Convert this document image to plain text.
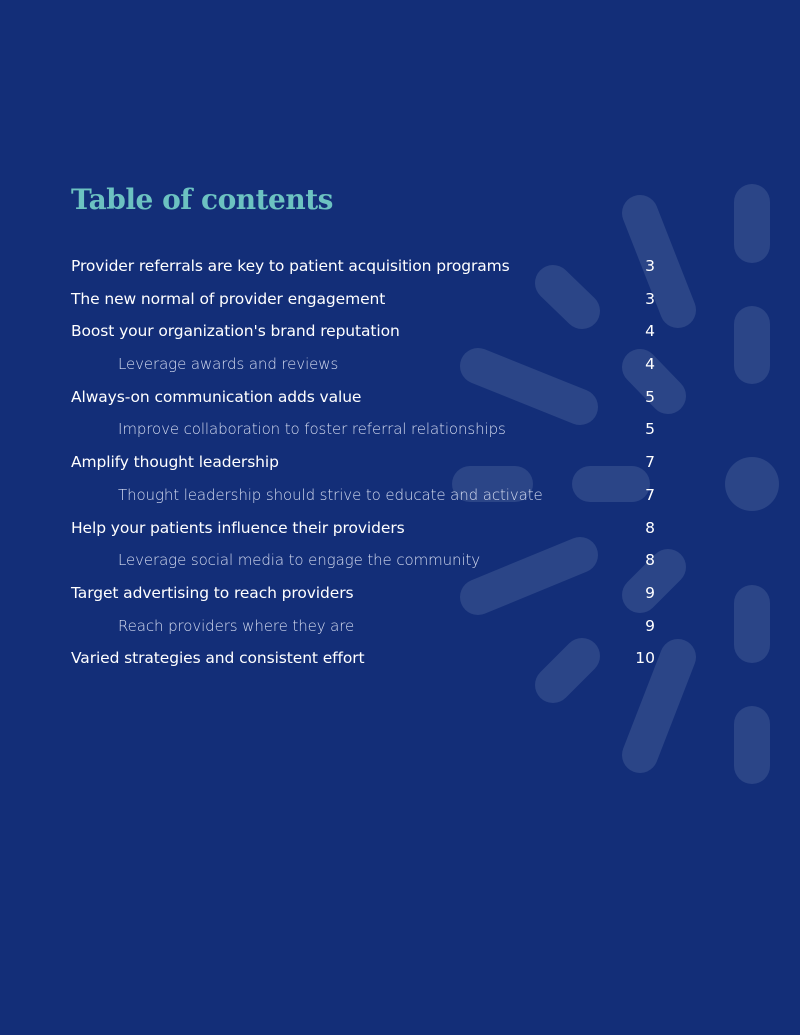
Table of contents
Provider referrals are key to patient acquisition programs	3
The new normal of provider engagement	3
Boost your organization's brand reputation	4
Leverage awards and reviews	4
Always-on communication adds value	5
Improve collaboration to foster referral relationships	5
Amplify thought leadership	7
Thought leadership should strive to educate and activate	7
Help your patients influence their providers	8
Leverage social media to engage the community	8
Target advertising to reach providers	9
Reach providers where they are	9
Varied strategies and consistent effort	10
